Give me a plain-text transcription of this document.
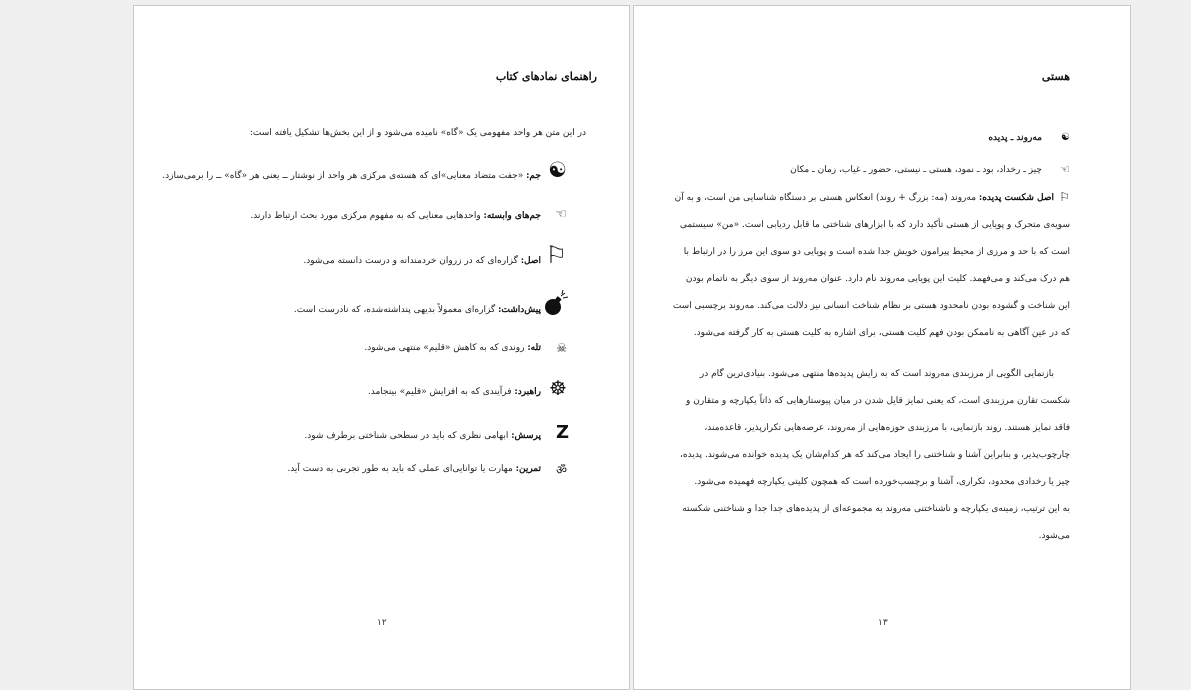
راهنمای نمادهای کتاب
در این متن هر واحد مفهومی یک «گاه» نامیده می‌شود و از این بخش‌ها تشکیل یافته است:
☯
جم: «جفت متضاد معنایی»ای که هسته‌ی مرکزی هر واحد از نوشتار ــ یعنی هر «گاه» ــ را برمی‌سازد.
☜
جم‌های وابسته: واحدهایی معنایی که به مفهوم مرکزی مورد بحث ارتباط دارند.
⚐
اصل: گزاره‌ای که در زروان خردمندانه و درست دانسته می‌شود.
پیش‌داشت: گزاره‌ای معمولاً بدیهی پنداشته‌شده، که نادرست است.
☠
تله: روندی که به کاهش «قلیم» منتهی می‌شود.
☸
راهبرد: فرآیندی که به افزایش «قلیم» بینجامد.
Z
پرسش: ابهامی نظری که باید در سطحی شناختی برطرف شود.
ॐ
تمرین: مهارت یا توانایی‌ای عملی که باید به طور تجربی به دست آید.
۱۲
هستی
☯
مه‌روند ـ پدیده
☜
چیز ـ رخداد، بود ـ نمود، هستی ـ نیستی، حضور ـ غیاب، زمان ـ مکان
⚐
اصل شکست پدیده: مه‌روند (مه: بزرگ + روند) انعکاس هستی بر دستگاه شناسایی من است، و به آن
سویه‌ی متحرک و پویایی از هستی تأکید دارد که با ابزارهای شناختی ما قابل ردیابی است. «من» سیستمی
است که با حد و مرزی از محیط پیرامون خویش جدا شده است و پویایی دو سوی این مرز را در ارتباط با
هم درک می‌کند و می‌فهمد. کلیت این پویایی مه‌روند نام دارد. عنوان مه‌روند از سوی دیگر به ناتمام بودن
این شناخت و گشوده بودن نامحدود هستی بر نظام شناخت انسانی نیز دلالت می‌کند. مه‌روند برچسبی است
که در عین آگاهی به ناممکن بودن فهم کلیت هستی، برای اشاره به کلیت هستی به کار گرفته می‌شود.
بازنمایی الگویی از مرزبندی مه‌روند است که به زایش پدیده‌ها منتهی می‌شود. بنیادی‌ترین گام در
شکست تقارن مرزبندی است، که یعنی تمایز قایل شدن در میان پیوستارهایی که ذاتاً یکپارچه و متقارن و
فاقد تمایز هستند. روند بازنمایی، با مرزبندی حوزه‌هایی از مه‌روند، عرصه‌هایی تکرارپذیر، قاعده‌مند،
چارچوب‌پذیر، و بنابراین آشنا و شناختنی را ایجاد می‌کند که هر کدام‌شان یک پدیده خوانده می‌شوند. پدیده،
چیز یا رخدادی محدود، تکراری، آشنا و برچسب‌خورده است که همچون کلیتی یکپارچه فهمیده می‌شود.
به این ترتیب، زمینه‌ی یکپارچه و ناشناختنی مه‌روند به مجموعه‌ای از پدیده‌های جدا جدا و شناختنی شکسته
می‌شود.
۱۳
